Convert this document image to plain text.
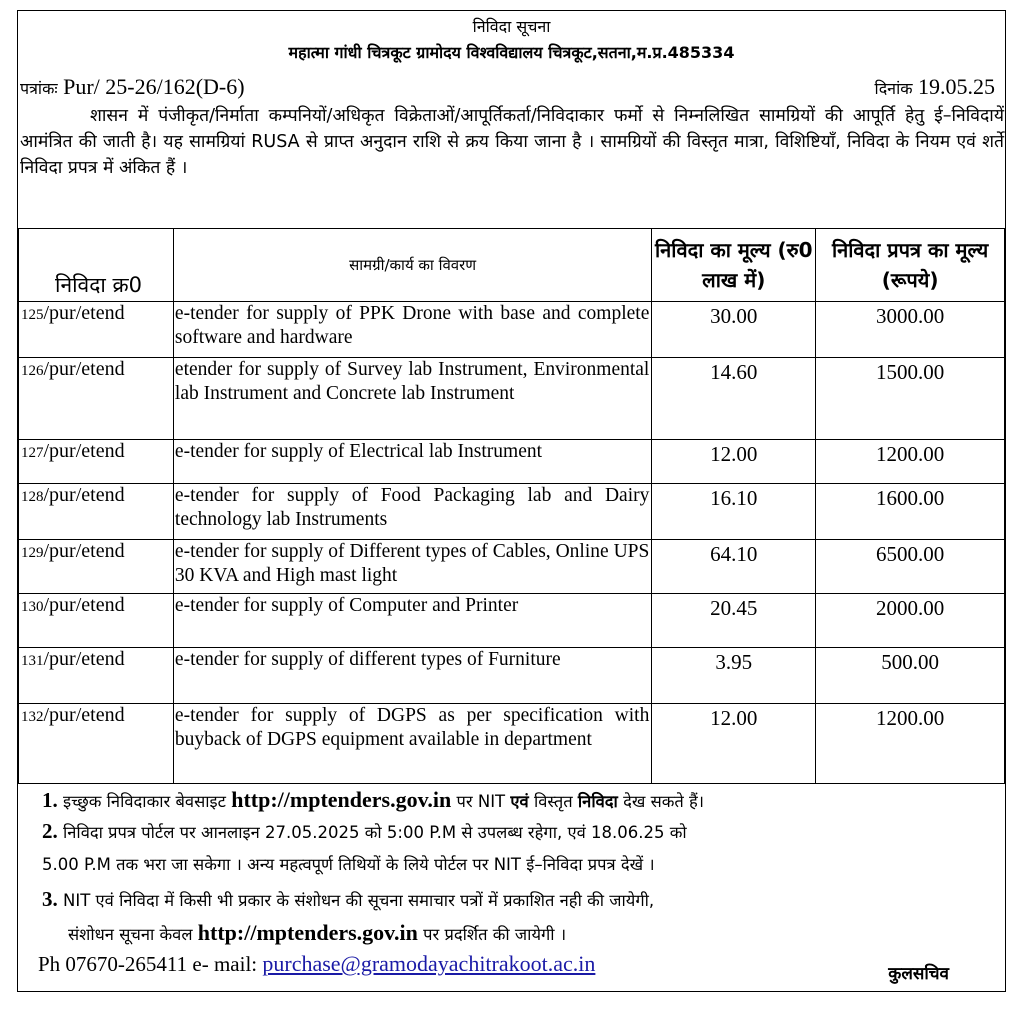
निविदा सूचना
महात्मा गांधी चित्रकूट ग्रामोदय विश्वविद्यालय चित्रकूट,सतना,म.प्र.485334
पत्रांकः Pur/ 25-26/162(D-6)	दिनांक 19.05.25
शासन में पंजीकृत/निर्माता कम्पनियों/अधिकृत विक्रेताओं/आपूर्तिकर्ता/निविदाकार फर्मो से निम्नलिखित सामग्रियों की आपूर्ति हेतु ई–निविदायें आमंत्रित की जाती है। यह सामग्रियां RUSA से प्राप्त अनुदान राशि से क्रय किया जाना है । सामग्रियों की विस्तृत मात्रा, विशिष्टियॉं, निविदा के नियम एवं शर्ते निविदा प्रपत्र में अंकित हैं ।
निविदा क्र0	सामग्री/कार्य का विवरण	निविदा का मूल्य (रु0 लाख में)	निविदा प्रपत्र का मूल्य (रूपये)
125/pur/etend	e-tender for supply of PPK Drone with base and complete software and hardware	30.00	3000.00
126/pur/etend	etender for supply of Survey lab Instrument, Environmental lab Instrument and Concrete lab Instrument	14.60	1500.00
127/pur/etend	e-tender for supply of Electrical lab Instrument	12.00	1200.00
128/pur/etend	e-tender for supply of Food Packaging lab and Dairy technology lab Instruments	16.10	1600.00
129/pur/etend	e-tender for supply of Different types of Cables, Online UPS 30 KVA and High mast light	64.10	6500.00
130/pur/etend	e-tender for supply of Computer and Printer	20.45	2000.00
131/pur/etend	e-tender for supply of different types of Furniture	3.95	500.00
132/pur/etend	e-tender for supply of DGPS as per specification with buyback of DGPS equipment available in department	12.00	1200.00
1. इच्छुक निविदाकार बेवसाइट http://mptenders.gov.in पर NIT एवं विस्तृत निविदा देख सकते हैं।
2. निविदा प्रपत्र पोर्टल पर आनलाइन 27.05.2025 को 5:00 P.M से उपलब्ध रहेगा, एवं 18.06.25 को
5.00 P.M तक भरा जा सकेगा । अन्य महत्वपूर्ण तिथियों के लिये पोर्टल पर NIT ई–निविदा प्रपत्र देखें ।
3. NIT एवं निविदा में किसी भी प्रकार के संशोधन की सूचना समाचार पत्रों में प्रकाशित नही की जायेगी,
संशोधन सूचना केवल http://mptenders.gov.in पर प्रदर्शित की जायेगी ।
Ph 07670-265411 e- mail: purchase@gramodayachitrakoot.ac.in	कुलसचिव
